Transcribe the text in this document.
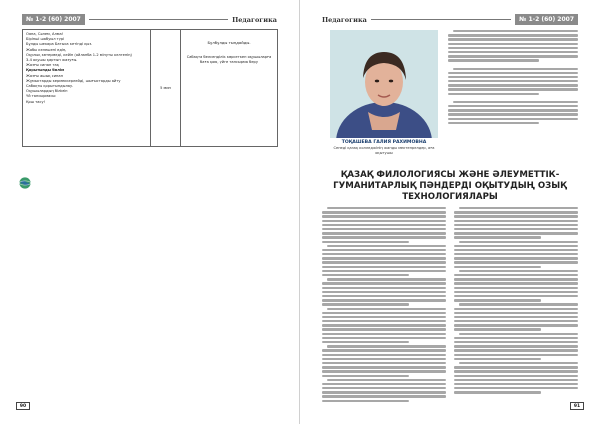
№ 1-2 (60) 2007	Педагогика
Ояна, Сәлем, Алма!
Бірінші шабуыл түрі
Бұлды шекара Батыса кетінді қыз.
Жабы келешені едің.
Оқулық көтермеді, кейін (ойланба 1-2 мінуты келгенің)
3-4 оқушы қартын жазуғы.
Жазғы сипап тақ
Қорытынды бөлім
Жазғы ашық сипап
Жұмыстарды кермеккерлейді, шығыстарды айту
Сабақты қорытындылау.
Оқушылардың білімін
Үй тапсырмасы:
Қош тасу!
5 мин
Бұлбұлды тыңдайды.
Сабақта белсенділік көрсеткен оқушыларға баға қою, үйге тапсырма беру
90
Педагогика	№ 1-2 (60) 2007
ТОҚАШЕВА ГАЛИЯ РАХИМОВНА
Сенеді қазақ колледжінің жанды мектепрелдер, аға оқытушы
ҚАЗАҚ ФИЛОЛОГИЯСЫ ЖӘНЕ ӘЛЕУМЕТТІК-
ГУМАНИТАРЛЫҚ ПӘНДЕРДІ ОҚЫТУДЫҢ ОЗЫҚ
ТЕХНОЛОГИЯЛАРЫ
91
